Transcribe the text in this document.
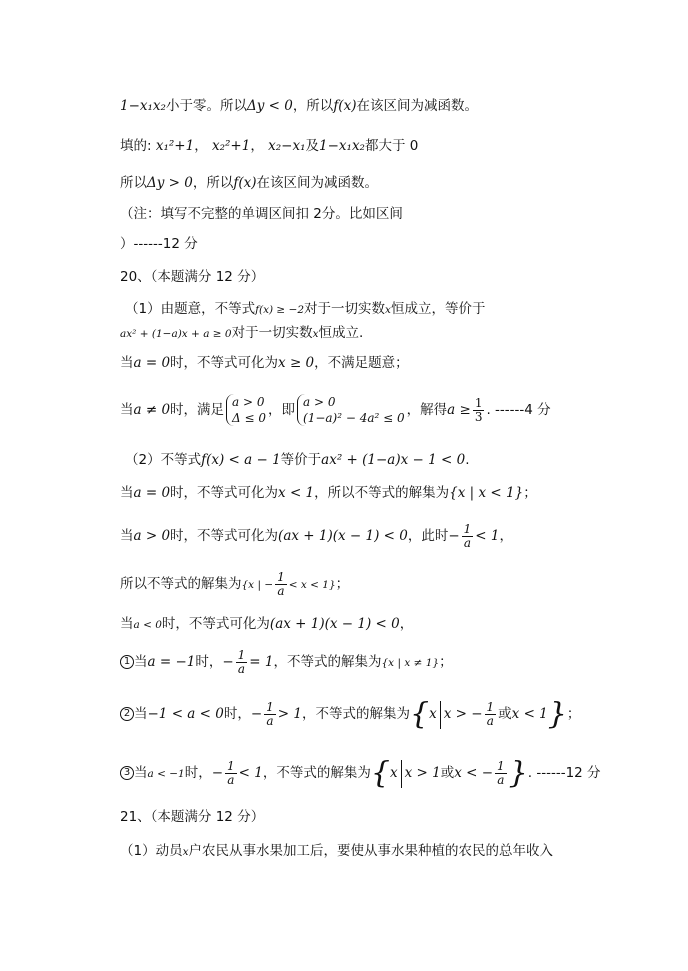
1−x₁x₂小于零。所以Δy < 0，所以f(x)在该区间为减函数。
填的: x₁²+1， x₂²+1， x₂−x₁及1−x₁x₂都大于 0
所以Δy > 0，所以f(x)在该区间为减函数。
（注：填写不完整的单调区间扣 2分。比如区间
）------12 分
20、（本题满分 12 分）
（1）由题意，不等式f(x) ≥ −2对于一切实数x恒成立，等价于
ax² + (1−a)x + a ≥ 0对于一切实数x恒成立.
当a = 0时，不等式可化为x ≥ 0，不满足题意；
当a ≠ 0时，满足 a > 0
Δ ≤ 0 ，即 a > 0
(1−a)² − 4a² ≤ 0 ，解得$a \ge \frac{1}{3}$ . ------4 分
（2）不等式f(x) < a − 1等价于ax² + (1−a)x − 1 < 0.
当a = 0时，不等式可化为x < 1，所以不等式的解集为{x | x < 1}；
当a > 0时，不等式可化为(ax + 1)(x − 1) < 0，此时− $\frac{1}{a} < 1$，
所以不等式的解集为{x | − $\frac{1}{a} < x < 1$}；
当a < 0时，不等式可化为(ax + 1)(x − 1) < 0，
1 当a = −1时，− $\frac{1}{a} = 1$，不等式的解集为{x | x ≠ 1}；
2 当−1 < a < 0时，− $\frac{1}{a} > 1$，不等式的解集为{x x > − $\frac{1}{a}$ 或x < 1}；
3 当a < −1时，− $\frac{1}{a} < 1$，不等式的解集为{x x > 1或x < − $\frac{1}{a}$ }. ------12 分
21、（本题满分 12 分）
（1）动员x户农民从事水果加工后，要使从事水果种植的农民的总年收入
